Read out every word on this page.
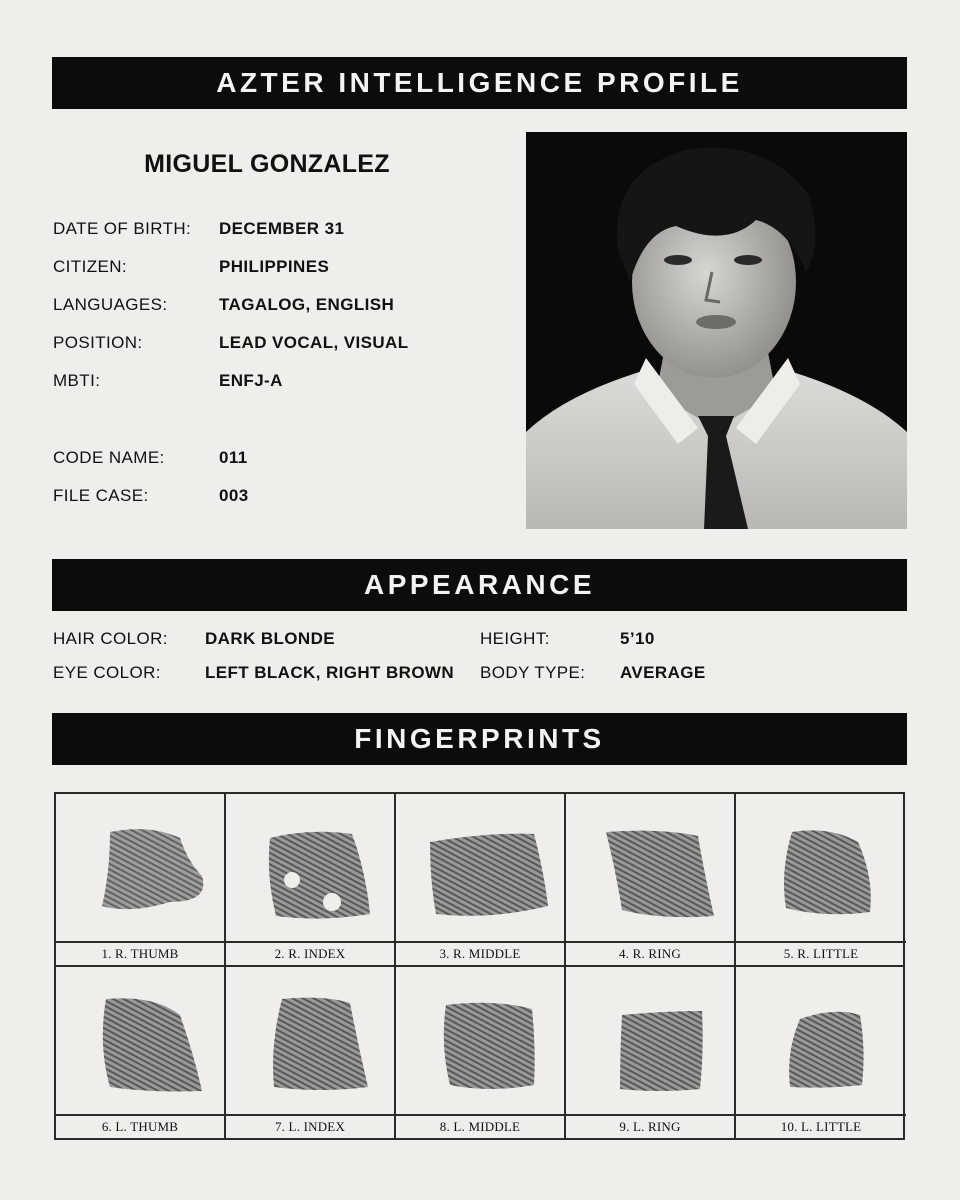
AZTER INTELLIGENCE PROFILE
MIGUEL GONZALEZ
DATE OF BIRTH: DECEMBER 31
CITIZEN:	PHILIPPINES
LANGUAGES:	TAGALOG, ENGLISH
POSITION:	LEAD VOCAL, VISUAL
MBTI:	ENFJ-A
CODE NAME:	011
FILE CASE:	003
APPEARANCE
HAIR COLOR: DARK BLONDE
EYE COLOR:	LEFT BLACK, RIGHT BROWN
HEIGHT:	5’10
BODY TYPE: AVERAGE
FINGERPRINTS
1. R. THUMB	2. R. INDEX	3. R. MIDDLE	4. R. RING	5. R. LITTLE
6. L. THUMB	7. L. INDEX	8. L. MIDDLE	9. L. RING	10. L. LITTLE
